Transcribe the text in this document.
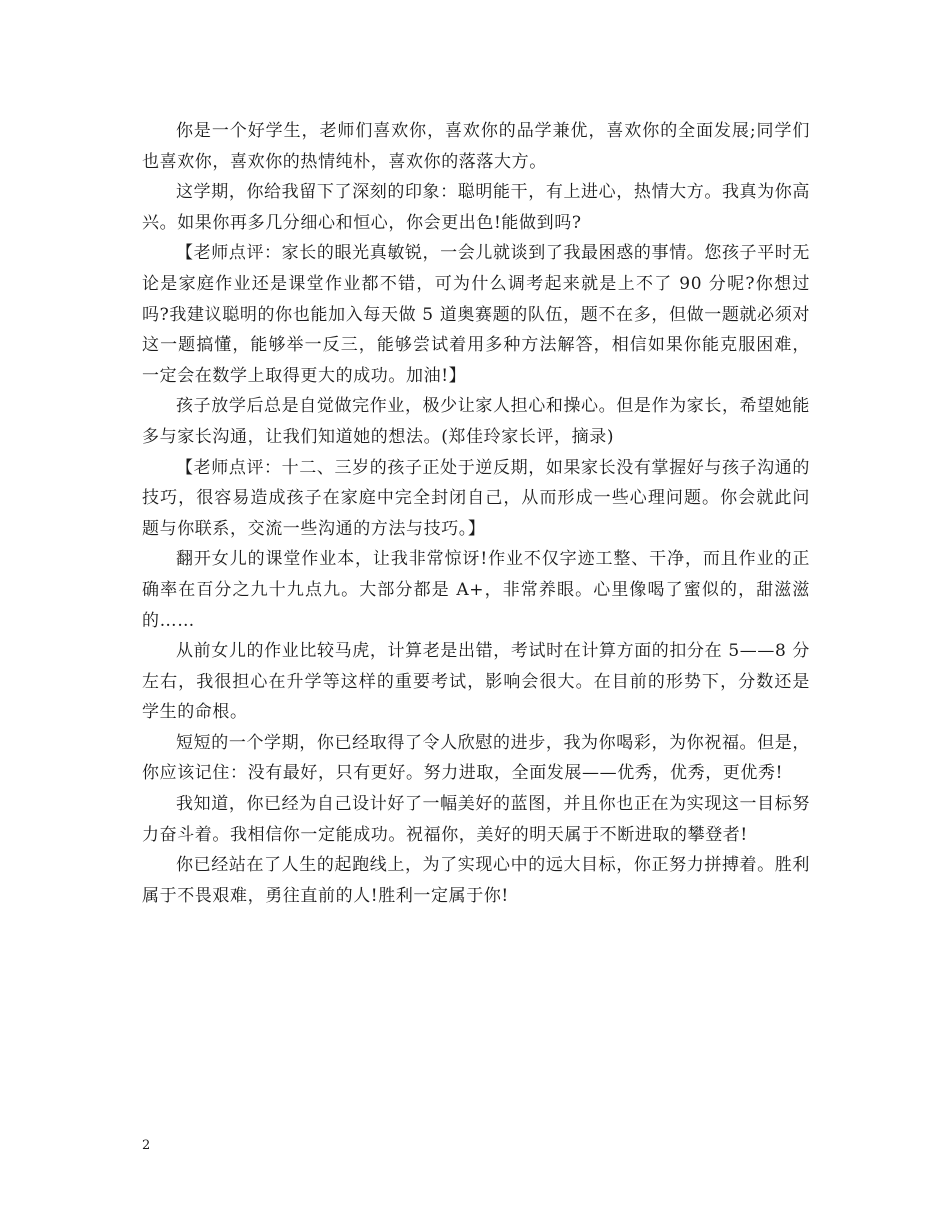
你是一个好学生，老师们喜欢你，喜欢你的品学兼优，喜欢你的全面发展;同学们也喜欢你，喜欢你的热情纯朴，喜欢你的落落大方。

这学期，你给我留下了深刻的印象：聪明能干，有上进心，热情大方。我真为你高兴。如果你再多几分细心和恒心，你会更出色!能做到吗?

【老师点评：家长的眼光真敏锐，一会儿就谈到了我最困惑的事情。您孩子平时无论是家庭作业还是课堂作业都不错，可为什么调考起来就是上不了 90 分呢?你想过吗?我建议聪明的你也能加入每天做 5 道奥赛题的队伍，题不在多，但做一题就必须对这一题搞懂，能够举一反三，能够尝试着用多种方法解答，相信如果你能克服困难，一定会在数学上取得更大的成功。加油!】

孩子放学后总是自觉做完作业，极少让家人担心和操心。但是作为家长，希望她能多与家长沟通，让我们知道她的想法。(郑佳玲家长评，摘录)

【老师点评：十二、三岁的孩子正处于逆反期，如果家长没有掌握好与孩子沟通的技巧，很容易造成孩子在家庭中完全封闭自己，从而形成一些心理问题。你会就此问题与你联系，交流一些沟通的方法与技巧。】

翻开女儿的课堂作业本，让我非常惊讶!作业不仅字迹工整、干净，而且作业的正确率在百分之九十九点九。大部分都是 A+，非常养眼。心里像喝了蜜似的，甜滋滋的……

从前女儿的作业比较马虎，计算老是出错，考试时在计算方面的扣分在 5——8 分左右，我很担心在升学等这样的重要考试，影响会很大。在目前的形势下，分数还是学生的命根。

短短的一个学期，你已经取得了令人欣慰的进步，我为你喝彩，为你祝福。但是，你应该记住：没有最好，只有更好。努力进取，全面发展——优秀，优秀，更优秀!

我知道，你已经为自己设计好了一幅美好的蓝图，并且你也正在为实现这一目标努力奋斗着。我相信你一定能成功。祝福你，美好的明天属于不断进取的攀登者!

你已经站在了人生的起跑线上，为了实现心中的远大目标，你正努力拼搏着。胜利属于不畏艰难，勇往直前的人!胜利一定属于你!

2
